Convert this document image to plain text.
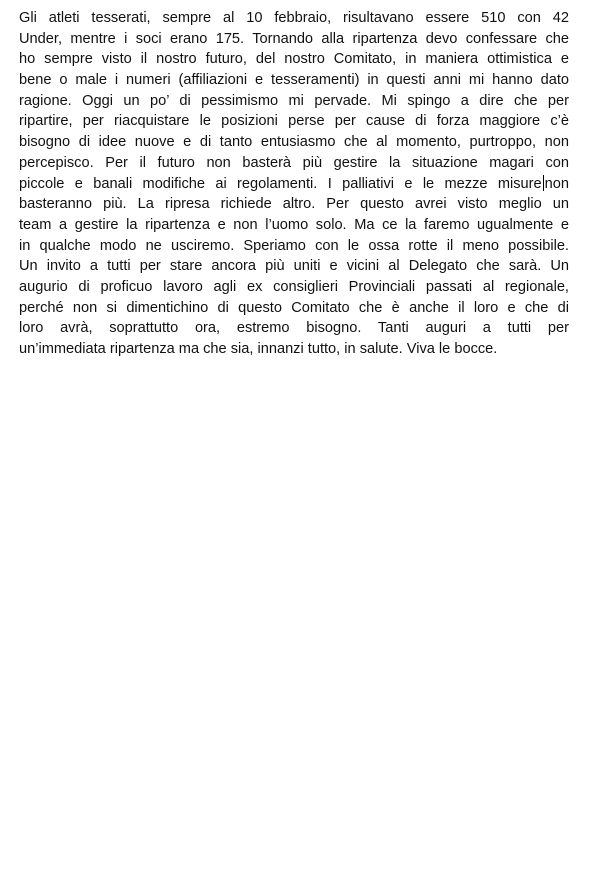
Gli atleti tesserati, sempre al 10 febbraio, risultavano essere 510 con 42
Under, mentre i soci erano 175. Tornando alla ripartenza devo confessare che
ho sempre visto il nostro futuro, del nostro Comitato, in maniera ottimistica e
bene o male i numeri (affiliazioni e tesseramenti) in questi anni mi hanno dato
ragione. Oggi un po’ di pessimismo mi pervade. Mi spingo a dire che per
ripartire, per riacquistare le posizioni perse per cause di forza maggiore c’è
bisogno di idee nuove e di tanto entusiasmo che al momento, purtroppo, non
percepisco. Per il futuro non basterà più gestire la situazione magari con
piccole e banali modifiche ai regolamenti. I palliativi e le mezze misure non
basteranno più. La ripresa richiede altro. Per questo avrei visto meglio un
team a gestire la ripartenza e non l’uomo solo. Ma ce la faremo ugualmente e
in qualche modo ne usciremo. Speriamo con le ossa rotte il meno possibile.
Un invito a tutti per stare ancora più uniti e vicini al Delegato che sarà. Un
augurio di proficuo lavoro agli ex consiglieri Provinciali passati al regionale,
perché non si dimentichino di questo Comitato che è anche il loro e che di
loro avrà, soprattutto ora, estremo bisogno. Tanti auguri a tutti per
un’immediata ripartenza ma che sia, innanzi tutto, in salute. Viva le bocce.
